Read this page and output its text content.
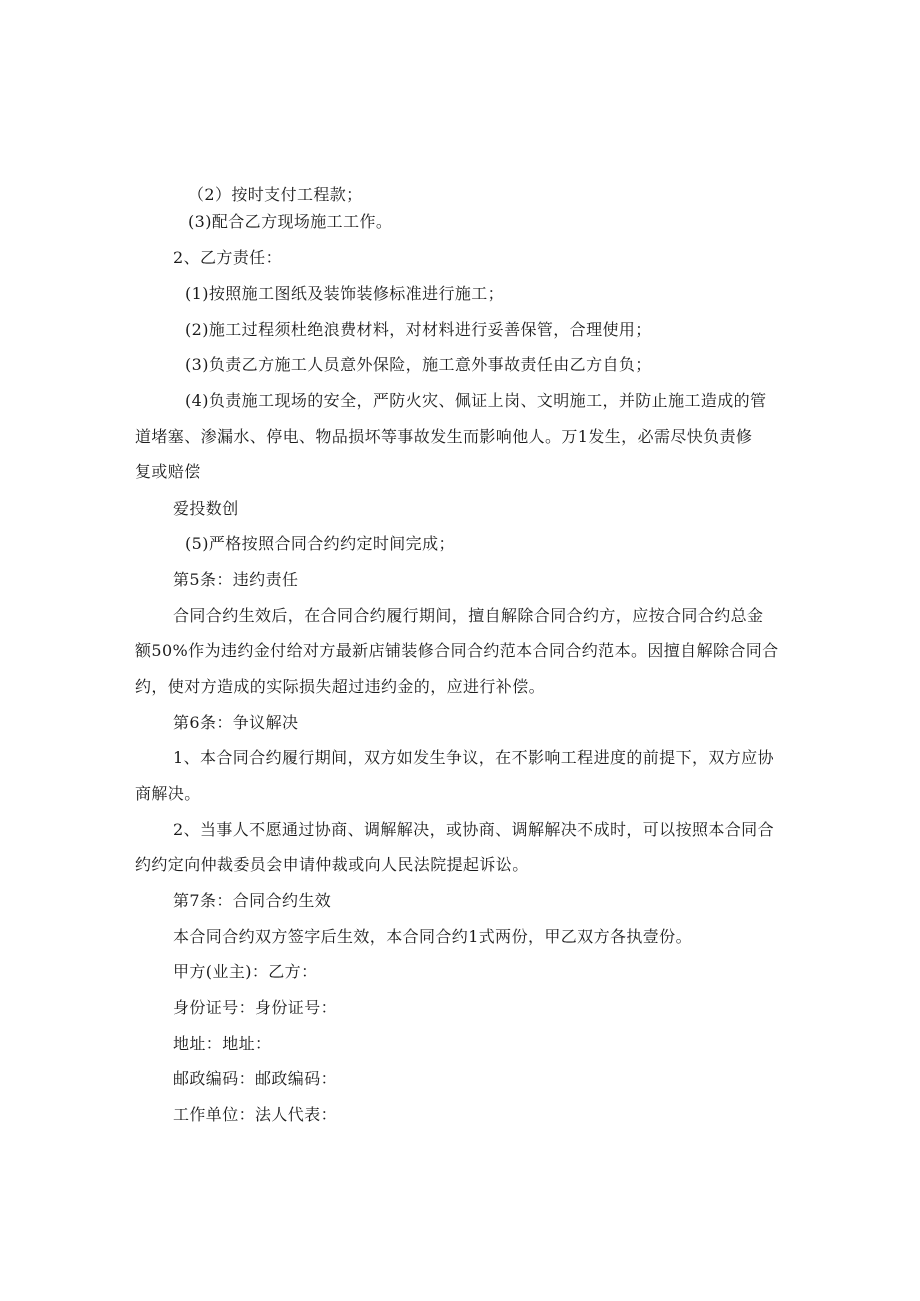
（2）按时支付工程款；
(3)配合乙方现场施工工作。
2、乙方责任：
(1)按照施工图纸及装饰装修标准进行施工；
(2)施工过程须杜绝浪费材料，对材料进行妥善保管，合理使用；
(3)负责乙方施工人员意外保险，施工意外事故责任由乙方自负；
(4)负责施工现场的安全，严防火灾、佩证上岗、文明施工，并防止施工造成的管
道堵塞、渗漏水、停电、物品损坏等事故发生而影响他人。万1发生，必需尽快负责修
复或赔偿
爱投数创
(5)严格按照合同合约约定时间完成；
第5条：违约责任
合同合约生效后，在合同合约履行期间，擅自解除合同合约方，应按合同合约总金
额50%作为违约金付给对方最新店铺装修合同合约范本合同合约范本。因擅自解除合同合
约，使对方造成的实际损失超过违约金的，应进行补偿。
第6条：争议解决
1、本合同合约履行期间，双方如发生争议，在不影响工程进度的前提下，双方应协
商解决。
2、当事人不愿通过协商、调解解决，或协商、调解解决不成时，可以按照本合同合
约约定向仲裁委员会申请仲裁或向人民法院提起诉讼。
第7条：合同合约生效
本合同合约双方签字后生效，本合同合约1式两份，甲乙双方各执壹份。
甲方(业主)：乙方：
身份证号：身份证号：
地址：地址：
邮政编码：邮政编码：
工作单位：法人代表：
